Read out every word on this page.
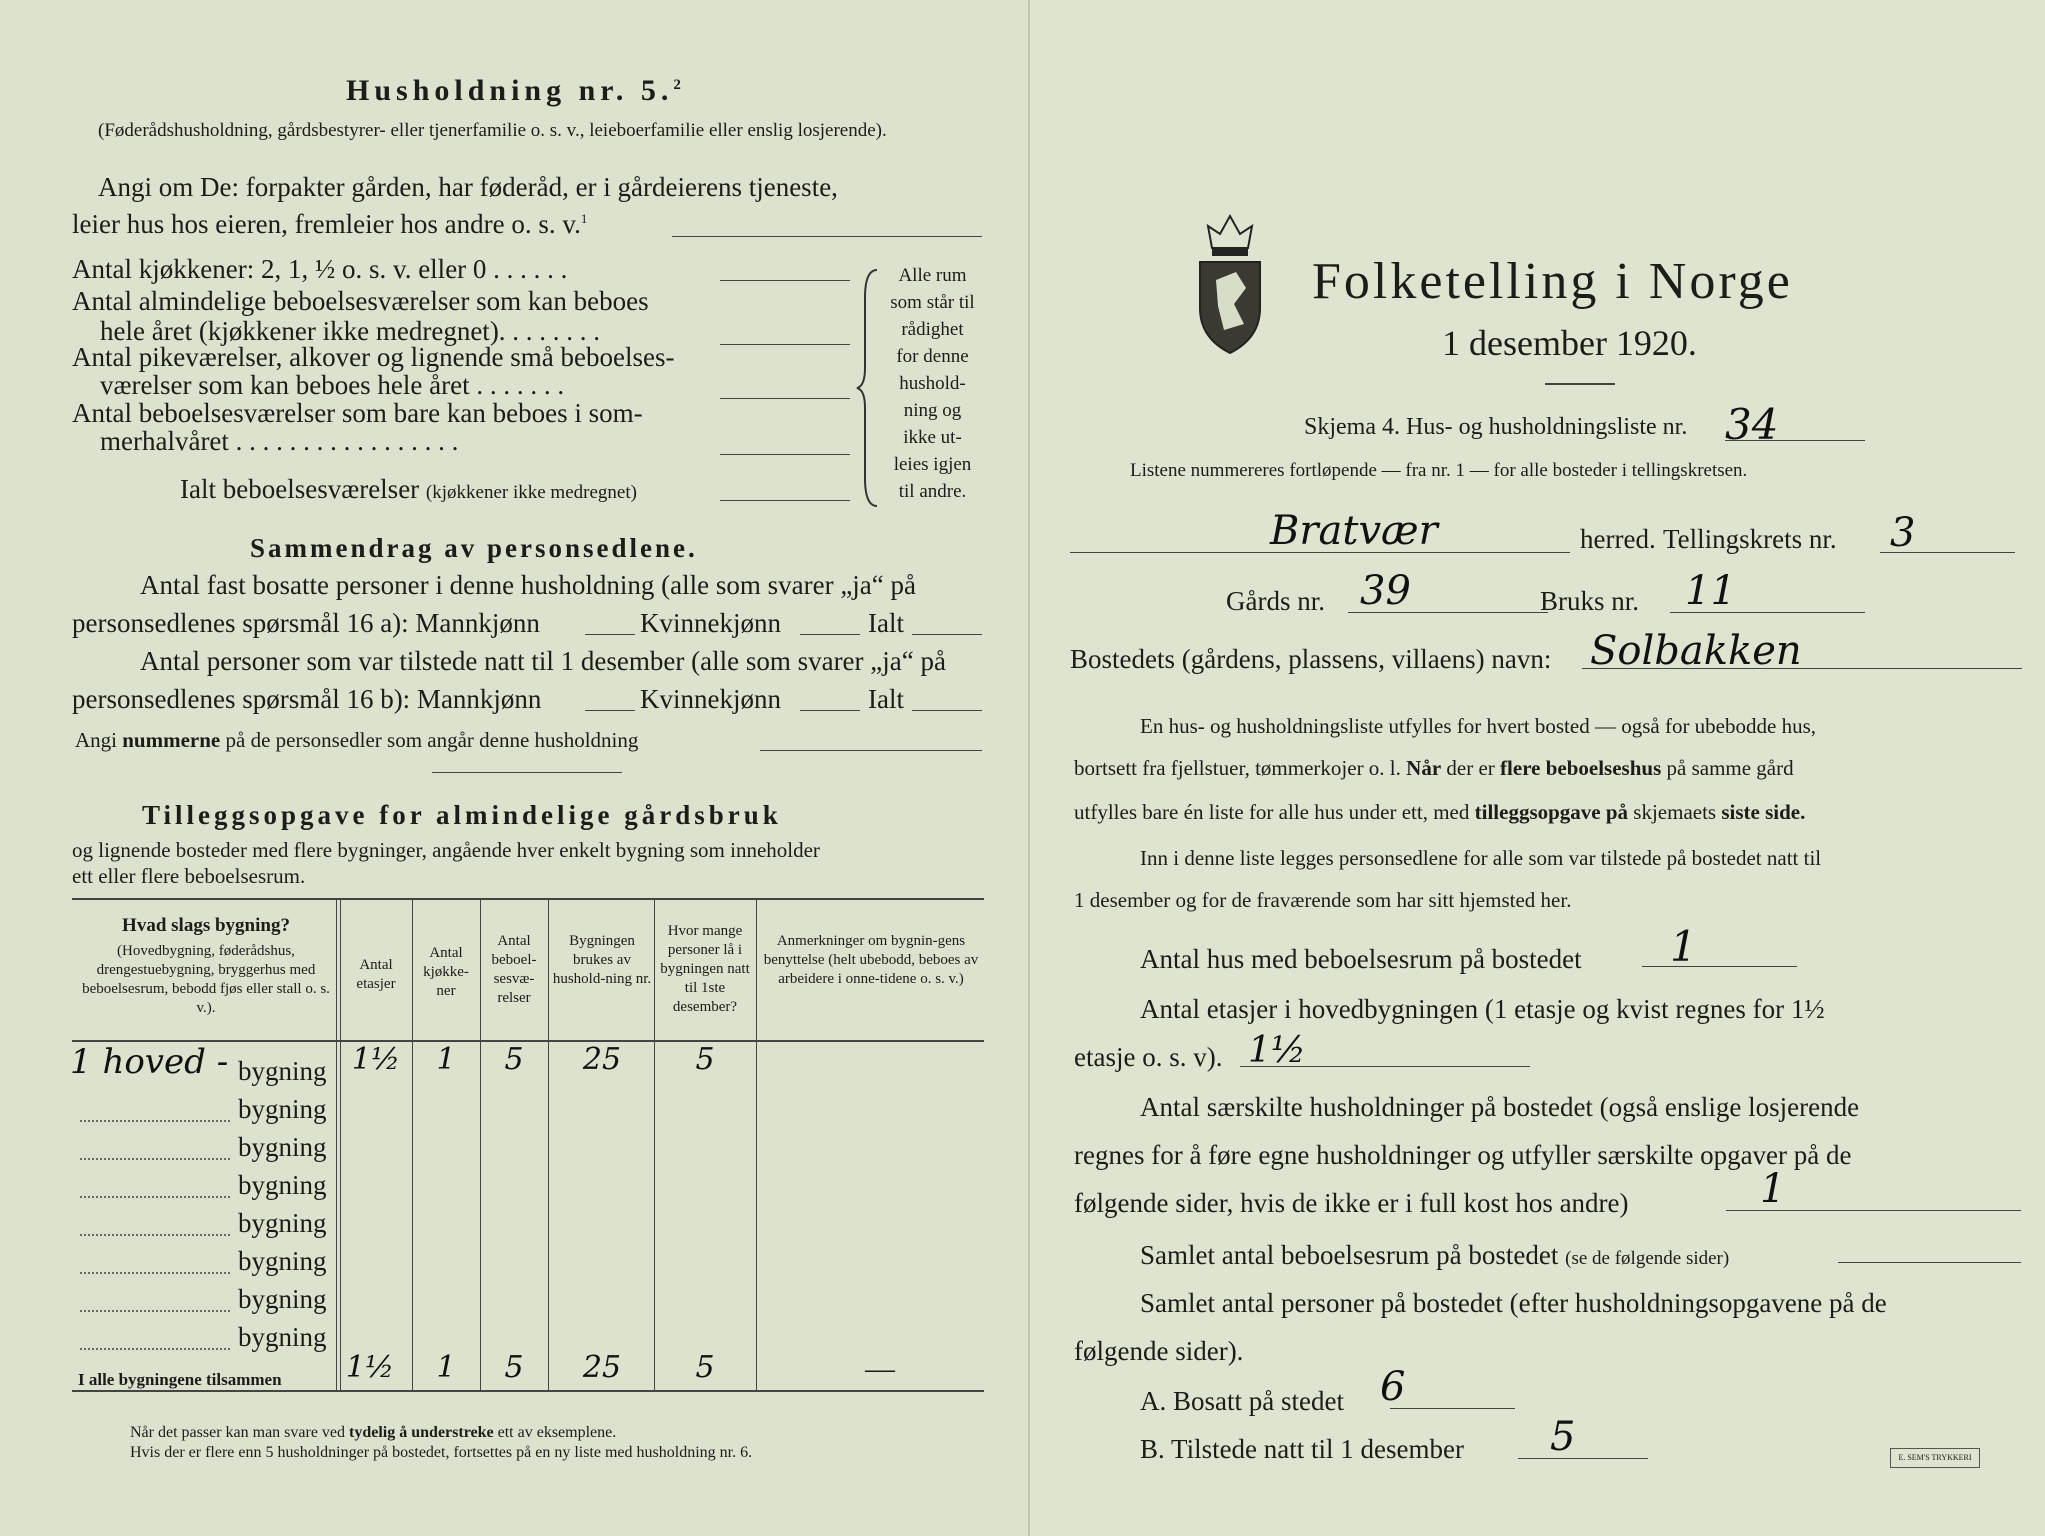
Husholdning nr. 5.$^2$
(Føderådshusholdning, gårdsbestyrer- eller tjenerfamilie o. s. v., leieboerfamilie eller enslig losjerende).
Angi om De: forpakter gården, har føderåd, er i gårdeierens tjeneste,
leier hus hos eieren, fremleier hos andre o. s. v.$^1$
Antal kjøkkener: 2, 1, ½ o. s. v. eller 0 . . . . . .
Antal almindelige beboelsesværelser som kan beboes
hele året (kjøkkener ikke medregnet). . . . . . . .
Antal pikeværelser, alkover og lignende små beboelses-
værelser som kan beboes hele året . . . . . . .
Antal beboelsesværelser som bare kan beboes i som-
merhalvåret . . . . . . . . . . . . . . . . .
Ialt beboelsesværelser (kjøkkener ikke medregnet)
Alle rum
som står til
rådighet
for denne
hushold-
ning og
ikke ut-
leies igjen
til andre.
Sammendrag av personsedlene.
Antal fast bosatte personer i denne husholdning (alle som svarer „ja“ på
personsedlenes spørsmål 16 a): Mannkjønn	Kvinnekjønn	Ialt
Antal personer som var tilstede natt til 1 desember (alle som svarer „ja“ på
personsedlenes spørsmål 16 b): Mannkjønn	Kvinnekjønn	Ialt
Angi nummerne på de personsedler som angår denne husholdning
Tilleggsopgave for almindelige gårdsbruk
og lignende bosteder med flere bygninger, angående hver enkelt bygning som inneholder
ett eller flere beboelsesrum.
Hvad slags bygning?
(Hovedbygning, føderådshus, drengestuebygning, bryggerhus med beboelsesrum, bebodd fjøs eller stall o. s. v.).
Antal etasjer
Antal kjøkke-ner
Antal beboel-sesvæ-relser
Bygningen brukes av hushold-ning nr.
Hvor mange personer lå i bygningen natt til 1ste desember?
Anmerkninger om bygnin-gens benyttelse (helt ubebodd, beboes av arbeidere i onne-tidene o. s. v.)
1 hoved - bygning 1½	1	5	25	5
bygning
bygning
bygning
bygning
bygning
bygning
bygning
I alle bygningene tilsammen	1½	1	5	25	5	—
Når det passer kan man svare ved tydelig å understreke ett av eksemplene.
Hvis der er flere enn 5 husholdninger på bostedet, fortsettes på en ny liste med husholdning nr. 6.
Folketelling i Norge
1 desember 1920.
Skjema 4. Hus- og husholdningsliste nr. 34
Listene nummereres fortløpende — fra nr. 1 — for alle bosteder i tellingskretsen.
Bratvær	herred. Tellingskrets nr. 3
Gårds nr. 39	Bruks nr. 11
Bostedets (gårdens, plassens, villaens) navn: Solbakken
En hus- og husholdningsliste utfylles for hvert bosted — også for ubebodde hus,
bortsett fra fjellstuer, tømmerkojer o. l. Når der er flere beboelseshus på samme gård
utfylles bare én liste for alle hus under ett, med tilleggsopgave på skjemaets siste side.
Inn i denne liste legges personsedlene for alle som var tilstede på bostedet natt til
1 desember og for de fraværende som har sitt hjemsted her.
Antal hus med beboelsesrum på bostedet 1
Antal etasjer i hovedbygningen (1 etasje og kvist regnes for 1½
etasje o. s. v). 1½
Antal særskilte husholdninger på bostedet (også enslige losjerende
regnes for å føre egne husholdninger og utfyller særskilte opgaver på de
følgende sider, hvis de ikke er i full kost hos andre)	1
Samlet antal beboelsesrum på bostedet (se de følgende sider)
Samlet antal personer på bostedet (efter husholdningsopgavene på de
følgende sider).
A. Bosatt på stedet 6
B. Tilstede natt til 1 desember 5	E. SEM'S TRYKKERI
